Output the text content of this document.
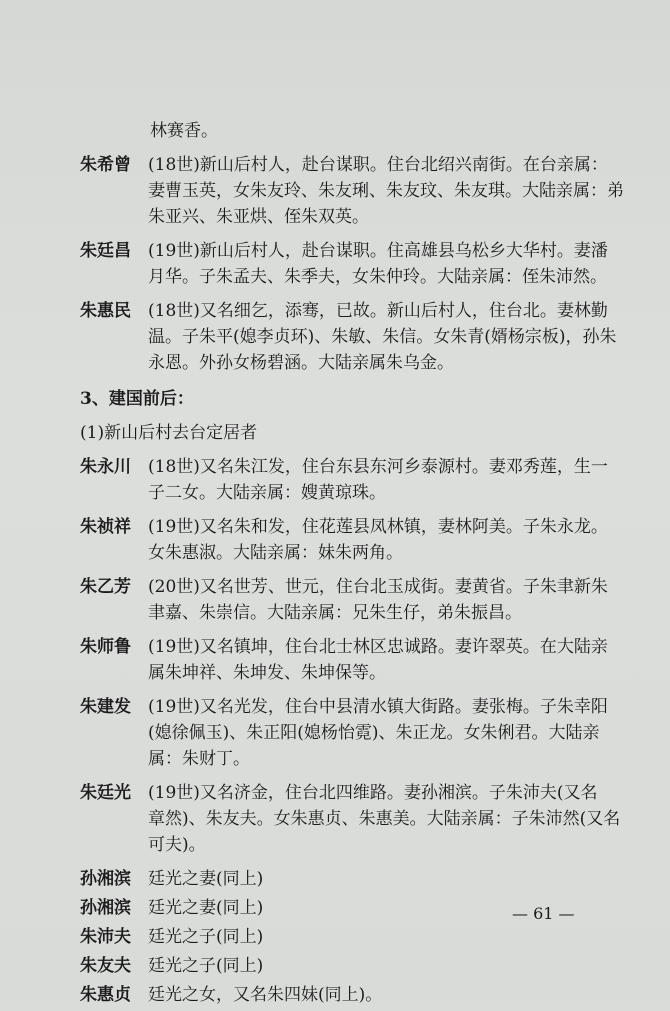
林赛香。
朱希曾	(18世)新山后村人，赴台谋职。住台北绍兴南街。在台亲属：
妻曹玉英，女朱友玲、朱友琍、朱友玟、朱友琪。大陆亲属：弟
朱亚兴、朱亚烘、侄朱双英。
朱廷昌	(19世)新山后村人，赴台谋职。住高雄县乌松乡大华村。妻潘
月华。子朱孟夫、朱季夫，女朱仲玲。大陆亲属：侄朱沛然。
朱惠民	(18世)又名细乞，添骞，已故。新山后村人，住台北。妻林勤
温。子朱平(媳李贞环)、朱敏、朱信。女朱青(婿杨宗板)，孙朱
永恩。外孙女杨碧涵。大陆亲属朱乌金。
3、建国前后：
(1)新山后村去台定居者
朱永川	(18世)又名朱江发，住台东县东河乡泰源村。妻邓秀莲，生一
子二女。大陆亲属：嫂黄琼珠。
朱祯祥	(19世)又名朱和发，住花莲县凤林镇，妻林阿美。子朱永龙。
女朱惠淑。大陆亲属：妹朱两角。
朱乙芳	(20世)又名世芳、世元，住台北玉成街。妻黄省。子朱聿新朱
聿嘉、朱崇信。大陆亲属：兄朱生仔，弟朱振昌。
朱师鲁	(19世)又名镇坤，住台北士林区忠诚路。妻许翠英。在大陆亲
属朱坤祥、朱坤发、朱坤保等。
朱建发	(19世)又名光发，住台中县清水镇大街路。妻张梅。子朱幸阳
(媳徐佩玉)、朱正阳(媳杨怡霓)、朱正龙。女朱俐君。大陆亲
属：朱财丁。
朱廷光	(19世)又名济金，住台北四维路。妻孙湘滨。子朱沛夫(又名
章然)、朱友夫。女朱惠贞、朱惠美。大陆亲属：子朱沛然(又名
可夫)。
孙湘滨	廷光之妻(同上)
孙湘滨	廷光之妻(同上)
朱沛夫	廷光之子(同上)
朱友夫	廷光之子(同上)
朱惠贞	廷光之女，又名朱四妹(同上)。
— 61 —
